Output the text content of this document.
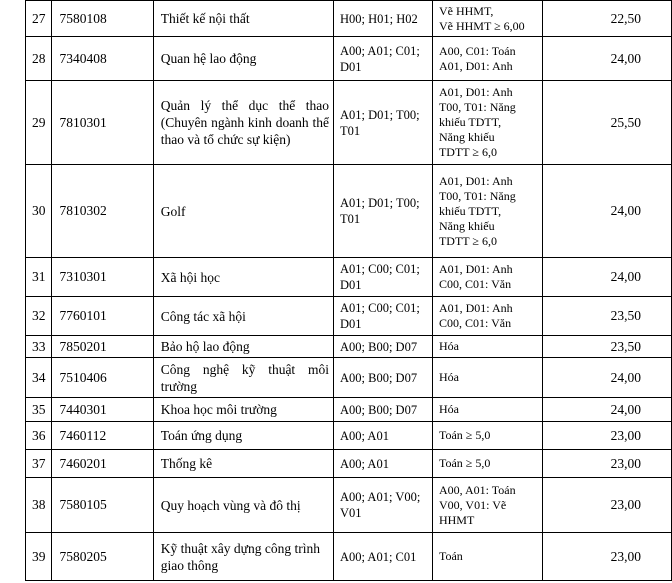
27	7580108	Thiết kế nội thất	H00; H01; H02	Vẽ HHMT,
Vẽ HHMT ≥ 6,00	22,50
28	7340408	Quan hệ lao động	A00; A01; C01;
D01	A00, C01: Toán
A01, D01: Anh	24,00
29	7810301	Quản lý thể dục thể thao (Chuyên ngành kinh doanh thể thao và tổ chức sự kiện)	A01; D01; T00;
T01	A01, D01: Anh
T00, T01: Năng
khiếu TDTT,
Năng khiếu
TDTT ≥ 6,0	25,50
30	7810302	Golf	A01; D01; T00;
T01	A01, D01: Anh
T00, T01: Năng
khiếu TDTT,
Năng khiếu
TDTT ≥ 6,0	24,00
31	7310301	Xã hội học	A01; C00; C01;
D01	A01, D01: Anh
C00, C01: Văn	24,00
32	7760101	Công tác xã hội	A01; C00; C01;
D01	A01, D01: Anh
C00, C01: Văn	23,50
33	7850201	Bảo hộ lao động	A00; B00; D07	Hóa	23,50
34	7510406	Công nghệ kỹ thuật môi trường	A00; B00; D07	Hóa	24,00
35	7440301	Khoa học môi trường	A00; B00; D07	Hóa	24,00
36	7460112	Toán ứng dụng	A00; A01	Toán ≥ 5,0	23,00
37	7460201	Thống kê	A00; A01	Toán ≥ 5,0	23,00
38	7580105	Quy hoạch vùng và đô thị	A00; A01; V00;
V01	A00, A01: Toán
V00, V01: Vẽ
HHMT	23,00
39	7580205	Kỹ thuật xây dựng công trình giao thông	A00; A01; C01	Toán	23,00
